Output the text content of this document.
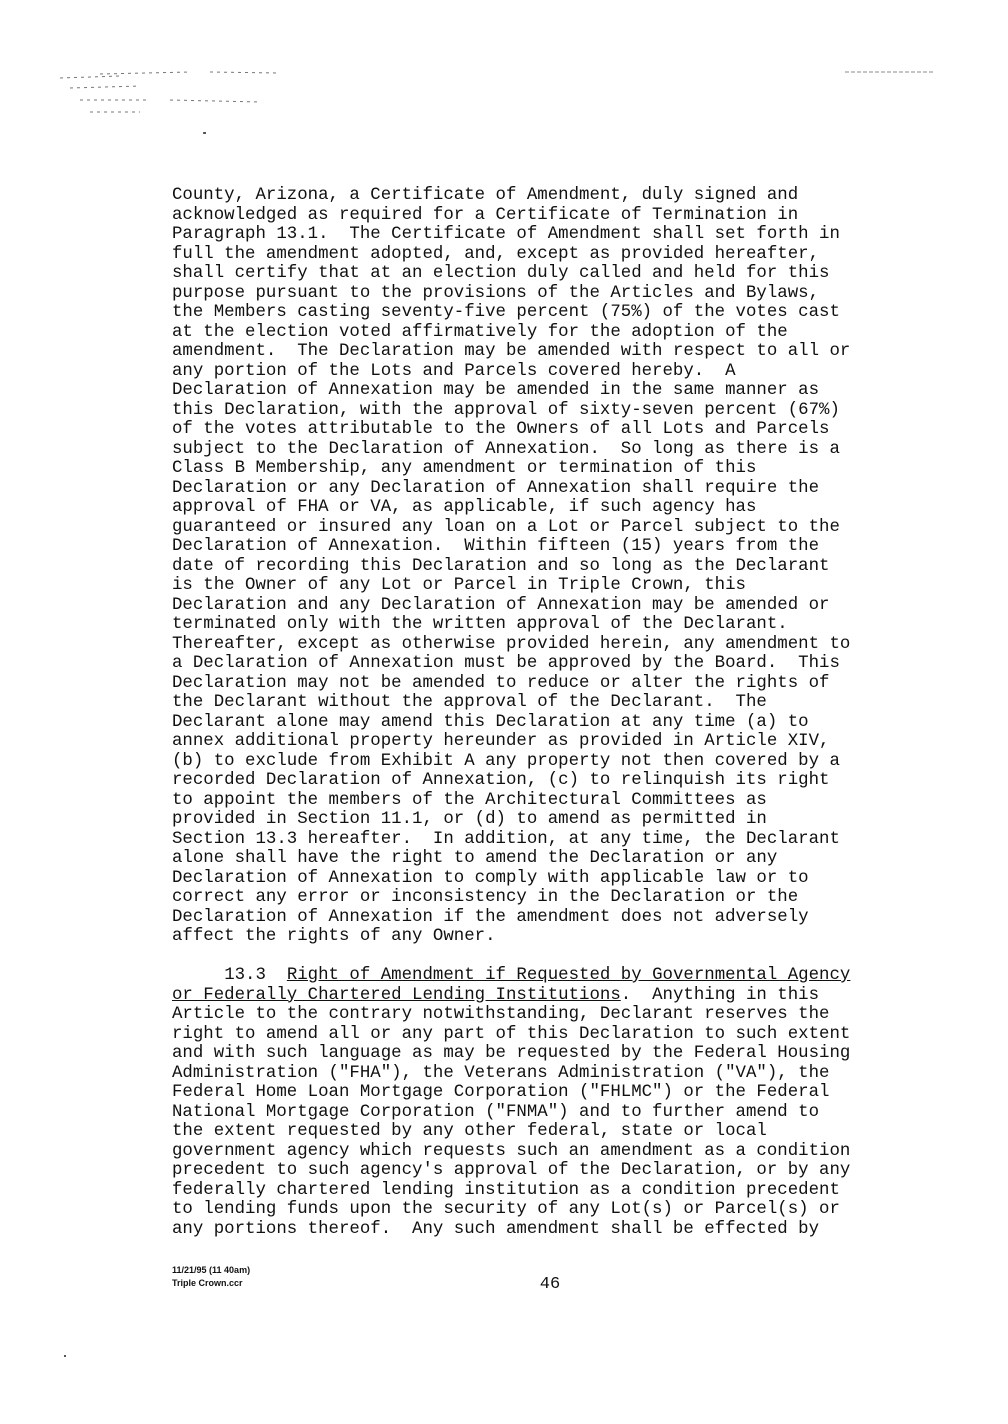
County, Arizona, a Certificate of Amendment, duly signed and
acknowledged as required for a Certificate of Termination in
Paragraph 13.1.  The Certificate of Amendment shall set forth in
full the amendment adopted, and, except as provided hereafter,
shall certify that at an election duly called and held for this
purpose pursuant to the provisions of the Articles and Bylaws,
the Members casting seventy-five percent (75%) of the votes cast
at the election voted affirmatively for the adoption of the
amendment.  The Declaration may be amended with respect to all or
any portion of the Lots and Parcels covered hereby.  A
Declaration of Annexation may be amended in the same manner as
this Declaration, with the approval of sixty-seven percent (67%)
of the votes attributable to the Owners of all Lots and Parcels
subject to the Declaration of Annexation.  So long as there is a
Class B Membership, any amendment or termination of this
Declaration or any Declaration of Annexation shall require the
approval of FHA or VA, as applicable, if such agency has
guaranteed or insured any loan on a Lot or Parcel subject to the
Declaration of Annexation.  Within fifteen (15) years from the
date of recording this Declaration and so long as the Declarant
is the Owner of any Lot or Parcel in Triple Crown, this
Declaration and any Declaration of Annexation may be amended or
terminated only with the written approval of the Declarant.
Thereafter, except as otherwise provided herein, any amendment to
a Declaration of Annexation must be approved by the Board.  This
Declaration may not be amended to reduce or alter the rights of
the Declarant without the approval of the Declarant.  The
Declarant alone may amend this Declaration at any time (a) to
annex additional property hereunder as provided in Article XIV,
(b) to exclude from Exhibit A any property not then covered by a
recorded Declaration of Annexation, (c) to relinquish its right
to appoint the members of the Architectural Committees as
provided in Section 11.1, or (d) to amend as permitted in
Section 13.3 hereafter.  In addition, at any time, the Declarant
alone shall have the right to amend the Declaration or any
Declaration of Annexation to comply with applicable law or to
correct any error or inconsistency in the Declaration or the
Declaration of Annexation if the amendment does not adversely
affect the rights of any Owner.
13.3 Right of Amendment if Requested by Governmental Agency
or Federally Chartered Lending Institutions.  Anything in this
Article to the contrary notwithstanding, Declarant reserves the
right to amend all or any part of this Declaration to such extent
and with such language as may be requested by the Federal Housing
Administration ("FHA"), the Veterans Administration ("VA"), the
Federal Home Loan Mortgage Corporation ("FHLMC") or the Federal
National Mortgage Corporation ("FNMA") and to further amend to
the extent requested by any other federal, state or local
government agency which requests such an amendment as a condition
precedent to such agency's approval of the Declaration, or by any
federally chartered lending institution as a condition precedent
to lending funds upon the security of any Lot(s) or Parcel(s) or
any portions thereof.  Any such amendment shall be effected by
11/21/95 (11 40am)
Triple Crown.ccr	46
